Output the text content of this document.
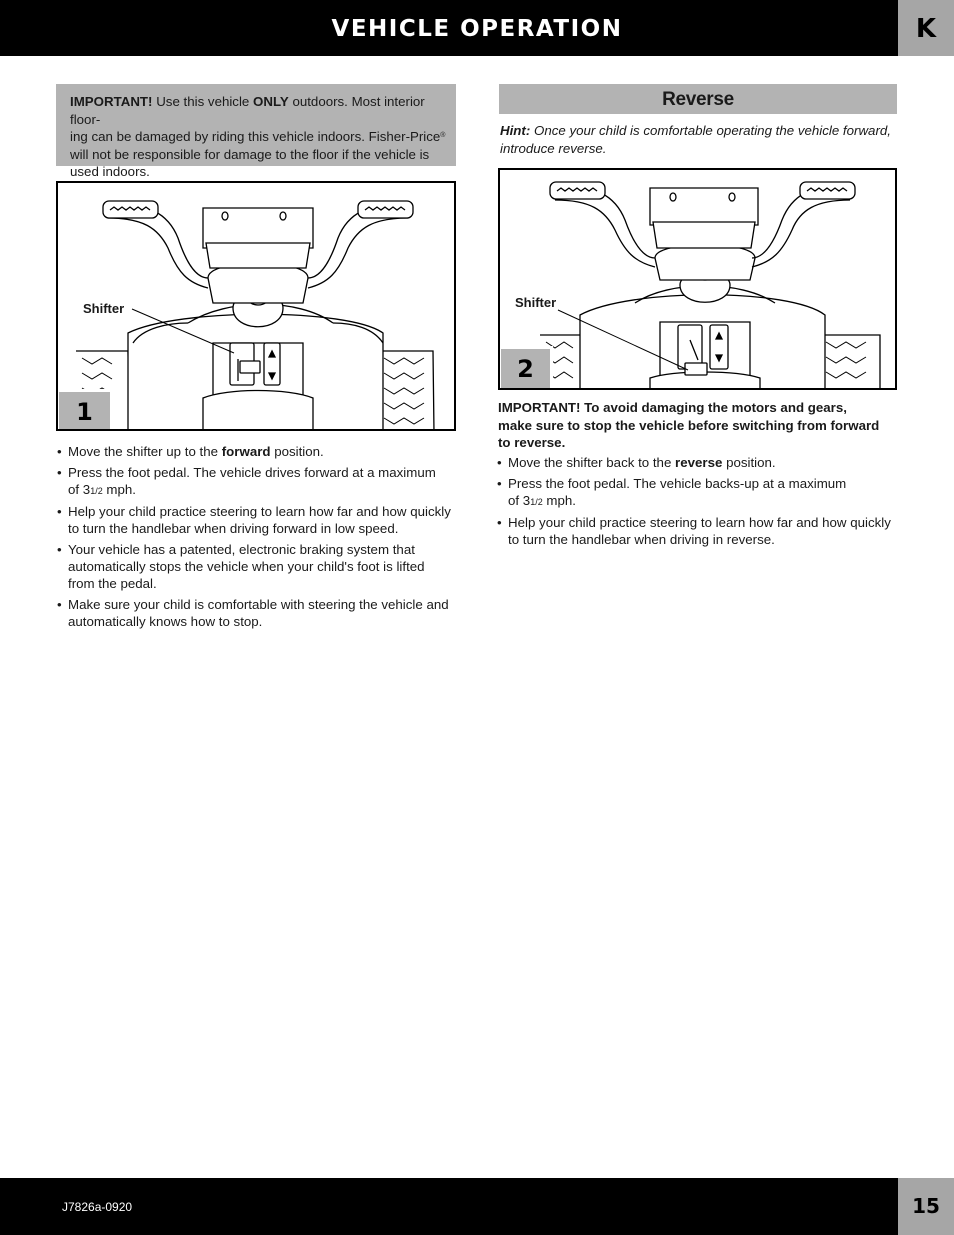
VEHICLE OPERATION	K
IMPORTANT! Use this vehicle ONLY outdoors. Most interior floor-
ing can be damaged by riding this vehicle indoors. Fisher-Price®
will not be responsible for damage to the floor if the vehicle is
used indoors.
Shifter
1
Reverse
Hint: Once your child is comfortable operating the vehicle forward,
introduce reverse.
Shifter
2
• Move the shifter up to the forward position.
• Press the foot pedal. The vehicle drives forward at a maximum
of 31/2 mph.
• Help your child practice steering to learn how far and how quickly
to turn the handlebar when driving forward in low speed.
• Your vehicle has a patented, electronic braking system that
automatically stops the vehicle when your child's foot is lifted
from the pedal.
• Make sure your child is comfortable with steering the vehicle and
automatically knows how to stop.
IMPORTANT! To avoid damaging the motors and gears,
make sure to stop the vehicle before switching from forward
to reverse.
• Move the shifter back to the reverse position.
• Press the foot pedal. The vehicle backs-up at a maximum
of 31/2 mph.
• Help your child practice steering to learn how far and how quickly
to turn the handlebar when driving in reverse.
J7826a-0920	15
